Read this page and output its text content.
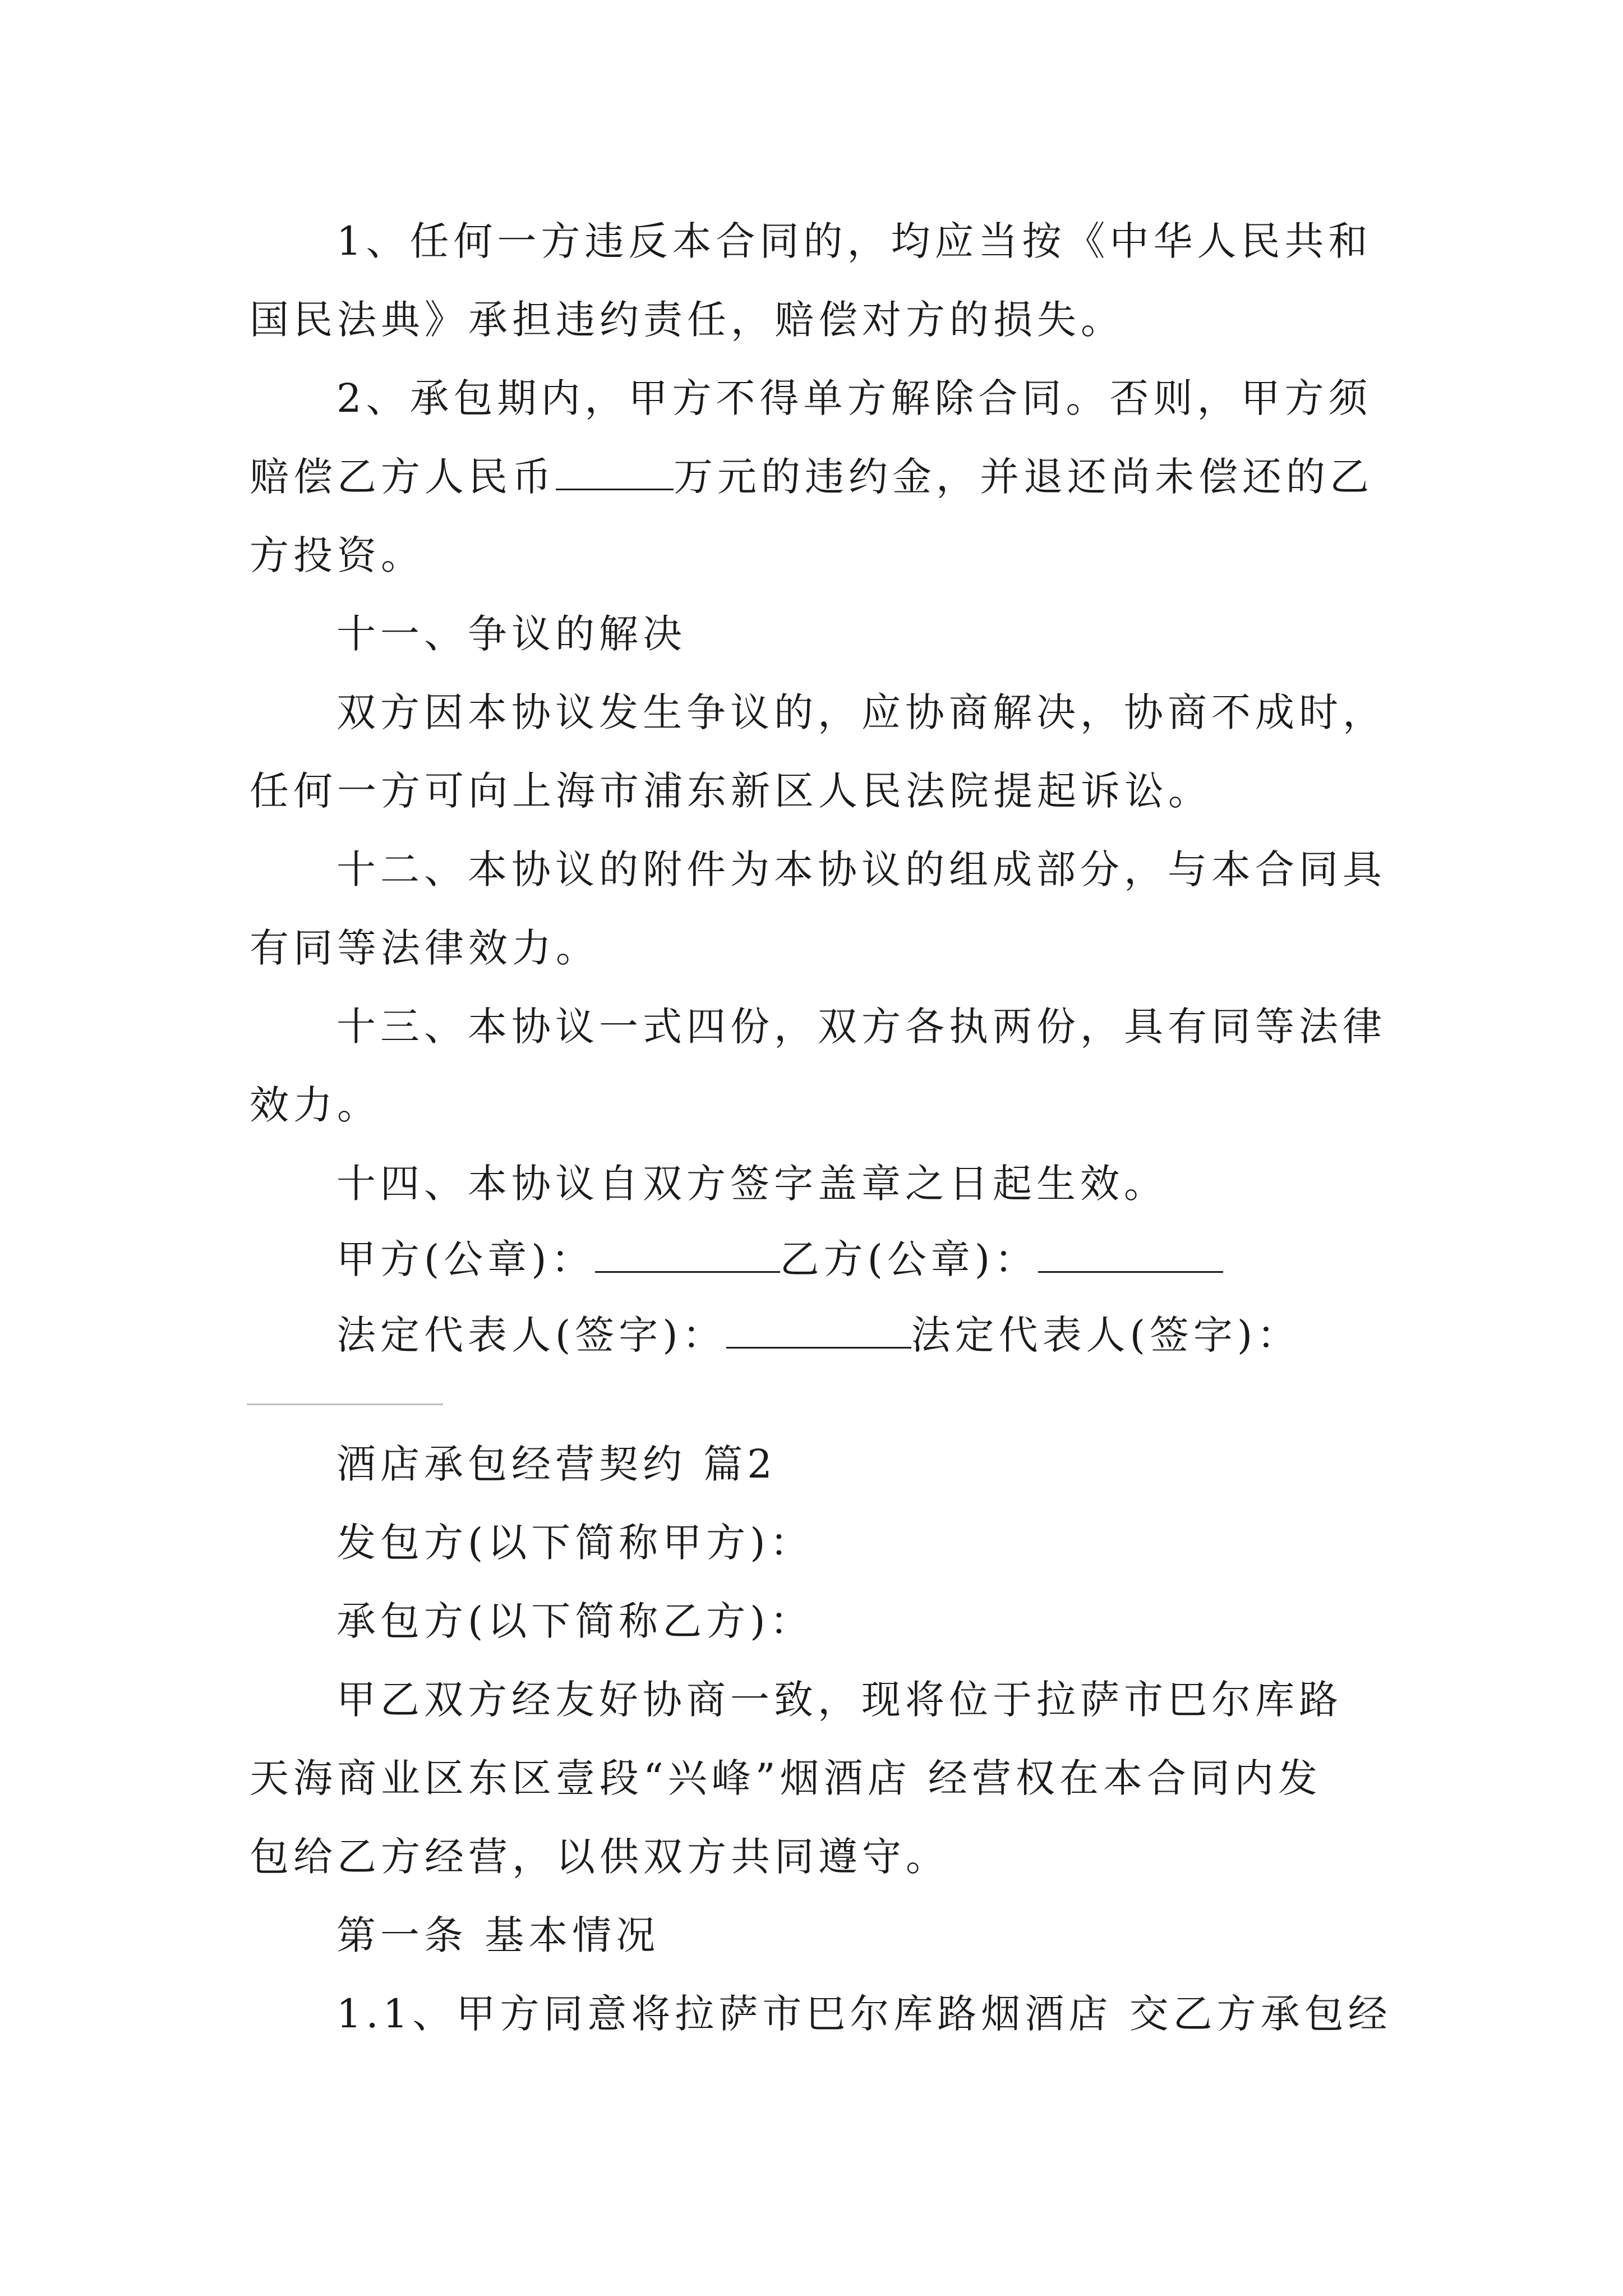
1、任何一方违反本合同的，均应当按《中华人民共和
国民法典》承担违约责任，赔偿对方的损失。
2、承包期内，甲方不得单方解除合同。否则，甲方须
赔偿乙方人民币	万元的违约金，并退还尚未偿还的乙
方投资。
十一、争议的解决
双方因本协议发生争议的，应协商解决，协商不成时，
任何一方可向上海市浦东新区人民法院提起诉讼。
十二、本协议的附件为本协议的组成部分，与本合同具
有同等法律效力。
十三、本协议一式四份，双方各执两份，具有同等法律
效力。
十四、本协议自双方签字盖章之日起生效。
甲方(公章)：	乙方(公章)：
法定代表人(签字)：	法定代表人(签字)：
酒店承包经营契约 篇2
发包方(以下简称甲方)：
承包方(以下简称乙方)：
甲乙双方经友好协商一致，现将位于拉萨市巴尔库路
天海商业区东区壹段“兴峰”烟酒店 经营权在本合同内发
包给乙方经营，以供双方共同遵守。
第一条 基本情况
1.1、甲方同意将拉萨市巴尔库路烟酒店 交乙方承包经
